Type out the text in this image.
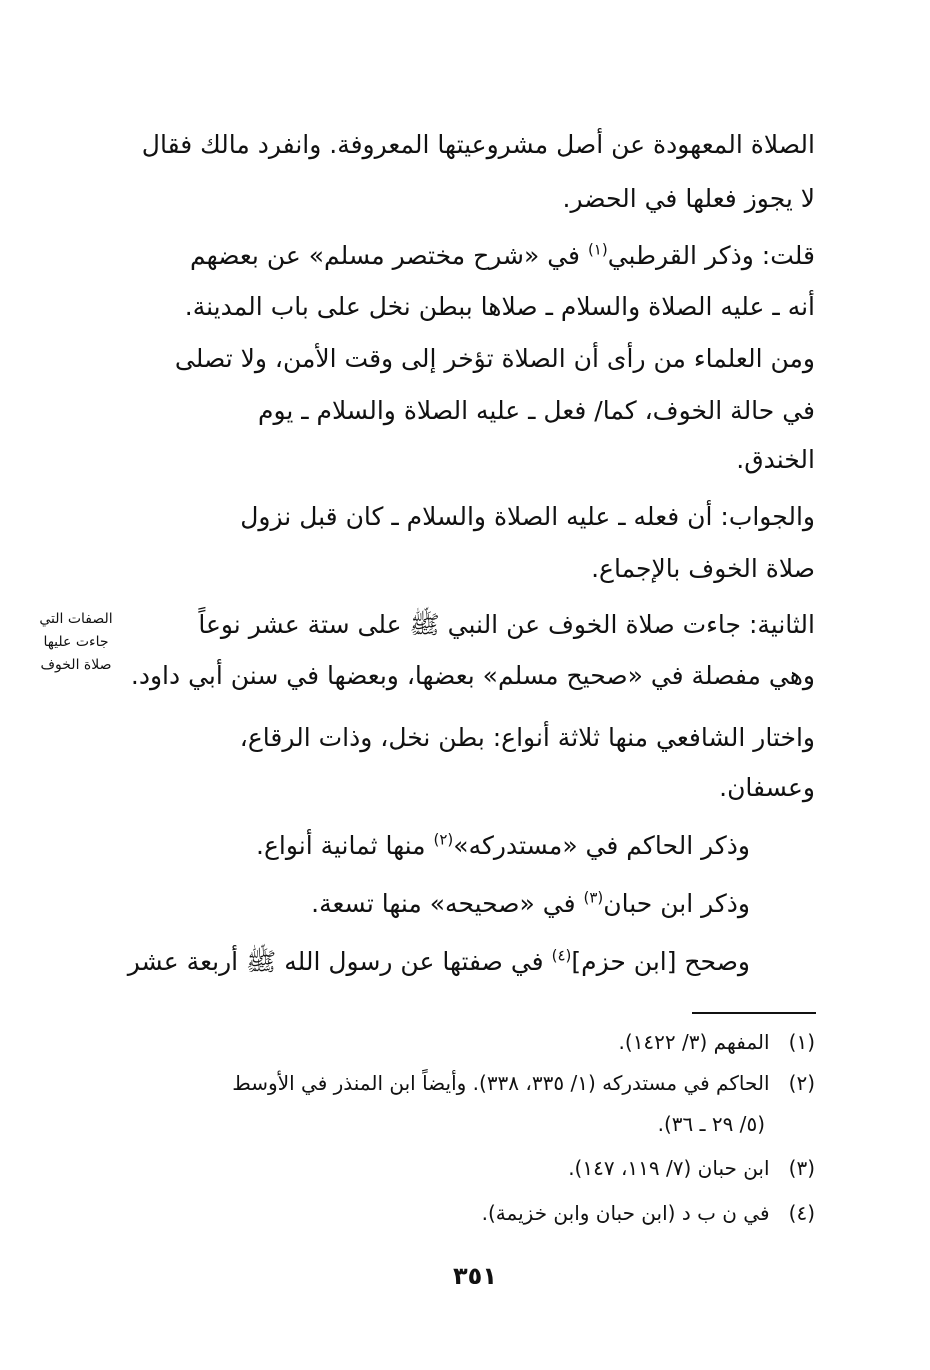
الصلاة المعهودة عن أصل مشروعيتها المعروفة. وانفرد مالك فقال
لا يجوز فعلها في الحضر.
قلت: وذكر القرطبي$^{(١)}$ في «شرح مختصر مسلم» عن بعضهم
أنه ـ عليه الصلاة والسلام ـ صلاها ببطن نخل على باب المدينة.
ومن العلماء من رأى أن الصلاة تؤخر إلى وقت الأمن، ولا تصلى
في حالة الخوف، كما/ فعل ـ عليه الصلاة والسلام ـ يوم
الخندق.
والجواب: أن فعله ـ عليه الصلاة والسلام ـ كان قبل نزول
صلاة الخوف بالإجماع.
الثانية: جاءت صلاة الخوف عن النبي ﷺ على ستة عشر نوعاً
وهي مفصلة في «صحيح مسلم» بعضها، وبعضها في سنن أبي داود.
الصفات التي
جاءت عليها
صلاة الخوف
واختار الشافعي منها ثلاثة أنواع: بطن نخل، وذات الرقاع،
وعسفان.
وذكر الحاكم في «مستدركه»$^{(٢)}$ منها ثمانية أنواع.
وذكر ابن حبان$^{(٣)}$ في «صحيحه» منها تسعة.
وصحح [ابن حزم]$^{(٤)}$ في صفتها عن رسول الله ﷺ أربعة عشر
(١)   المفهم (٣/ ١٤٢٢).
(٢)   الحاكم في مستدركه (١/ ٣٣٥، ٣٣٨). وأيضاً ابن المنذر في الأوسط
(٥/ ٢٩ ـ ٣٦).
(٣)   ابن حبان (٧/ ١١٩، ١٤٧).
(٤)   في ن ب د (ابن حبان وابن خزيمة).
٣٥١
